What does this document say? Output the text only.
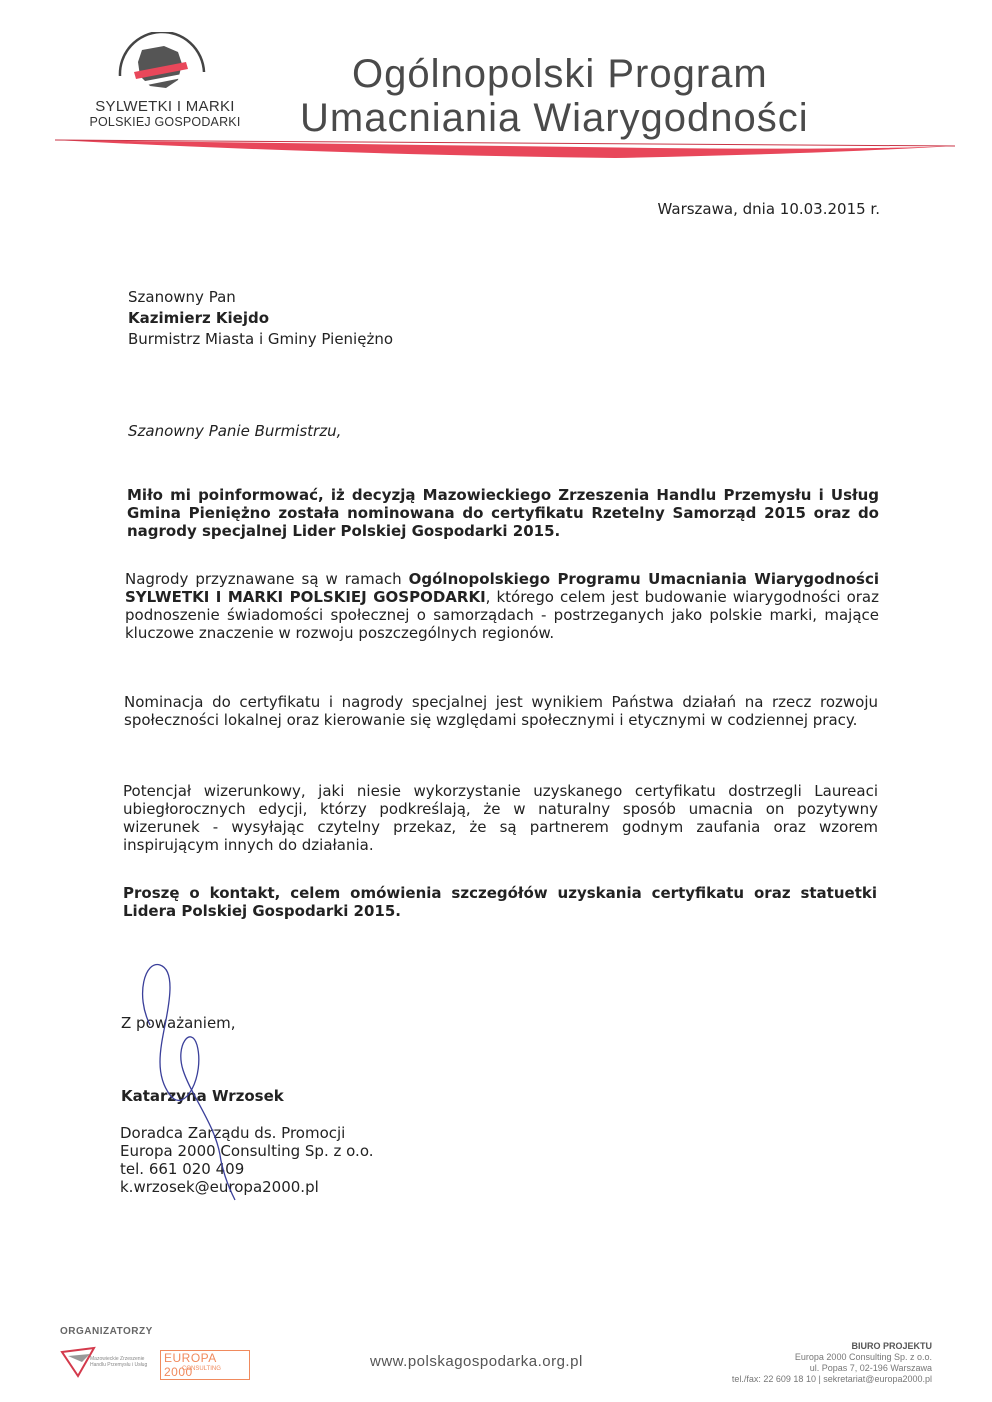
SYLWETKI I MARKI
POLSKIEJ GOSPODARKI
Ogólnopolski Program
Umacniania Wiarygodności
Warszawa, dnia 10.03.2015 r.
Szanowny Pan
Kazimierz Kiejdo
Burmistrz Miasta i Gminy Pieniężno
Szanowny Panie Burmistrzu,
Miło mi poinformować, iż decyzją Mazowieckiego Zrzeszenia Handlu Przemysłu i Usług Gmina Pieniężno została nominowana do certyfikatu Rzetelny Samorząd 2015 oraz do nagrody specjalnej Lider Polskiej Gospodarki 2015.
Nagrody przyznawane są w ramach Ogólnopolskiego Programu Umacniania Wiarygodności SYLWETKI I MARKI POLSKIEJ GOSPODARKI, którego celem jest budowanie wiarygodności oraz podnoszenie świadomości społecznej o samorządach - postrzeganych jako polskie marki, mające kluczowe znaczenie w rozwoju poszczególnych regionów.
Nominacja do certyfikatu i nagrody specjalnej jest wynikiem Państwa działań na rzecz rozwoju społeczności lokalnej oraz kierowanie się względami społecznymi i etycznymi w codziennej pracy.
Potencjał wizerunkowy, jaki niesie wykorzystanie uzyskanego certyfikatu dostrzegli Laureaci ubiegłorocznych edycji, którzy podkreślają, że w naturalny sposób umacnia on pozytywny wizerunek - wysyłając czytelny przekaz, że są partnerem godnym zaufania oraz wzorem inspirującym innych do działania.
Proszę o kontakt, celem omówienia szczegółów uzyskania certyfikatu oraz statuetki Lidera Polskiej Gospodarki 2015.
Z poważaniem,
Katarzyna Wrzosek
Doradca Zarządu ds. Promocji
Europa 2000 Consulting Sp. z o.o.
tel. 661 020 409
k.wrzosek@europa2000.pl
ORGANIZATORZY
Mazowieckie Zrzeszenie Handlu Przemysłu i Usług	EUROPA 2000
CONSULTING	www.polskagospodarka.org.pl
BIURO PROJEKTU
Europa 2000 Consulting Sp. z o.o.
ul. Popas 7, 02-196 Warszawa
tel./fax: 22 609 18 10 | sekretariat@europa2000.pl
